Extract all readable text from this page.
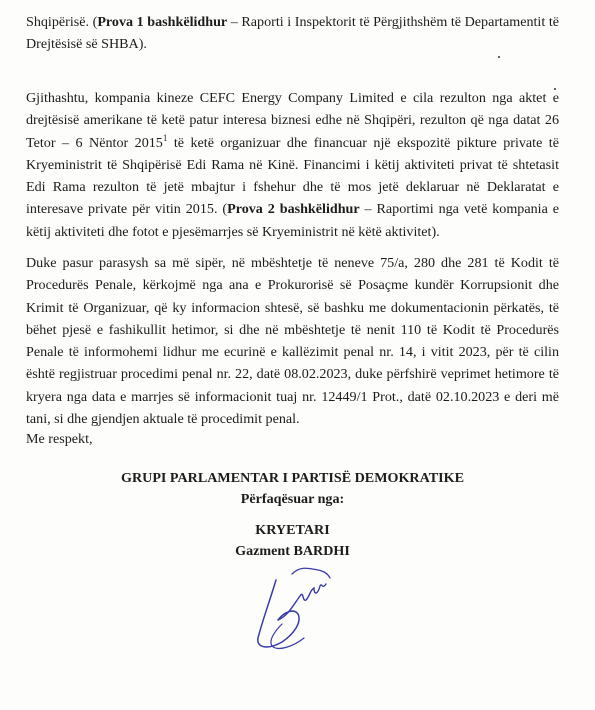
Shqipërisë. (Prova 1 bashkëlidhur – Raporti i Inspektorit të Përgjithshëm të Departamentit të Drejtësisë së SHBA).

Gjithashtu, kompania kineze CEFC Energy Company Limited e cila rezulton nga aktet e drejtësisë amerikane të ketë patur interesa biznesi edhe në Shqipëri, rezulton që nga datat 26 Tetor – 6 Nëntor 2015$^1$ të ketë organizuar dhe financuar një ekspozitë pikture private të Kryeministrit të Shqipërisë Edi Rama në Kinë. Financimi i këtij aktiviteti privat të shtetasit Edi Rama rezulton të jetë mbajtur i fshehur dhe të mos jetë deklaruar në Deklaratat e interesave private për vitin 2015. (Prova 2 bashkëlidhur – Raportimi nga vetë kompania e këtij aktiviteti dhe fotot e pjesëmarrjes së Kryeministrit në këtë aktivitet).

Duke pasur parasysh sa më sipër, në mbështetje të neneve 75/a, 280 dhe 281 të Kodit të Procedurës Penale, kërkojmë nga ana e Prokurorisë së Posaçme kundër Korrupsionit dhe Krimit të Organizuar, që ky informacion shtesë, së bashku me dokumentacionin përkatës, të bëhet pjesë e fashikullit hetimor, si dhe në mbështetje të nenit 110 të Kodit të Procedurës Penale të informohemi lidhur me ecurinë e kallëzimit penal nr. 14, i vitit 2023, për të cilin është regjistruar procedimi penal nr. 22, datë 08.02.2023, duke përfshirë veprimet hetimore të kryera nga data e marrjes së informacionit tuaj nr. 12449/1 Prot., datë 02.10.2023 e deri më tani, si dhe gjendjen aktuale të procedimit penal.

Me respekt,

GRUPI PARLAMENTAR I PARTISË DEMOKRATIKE
Përfaqësuar nga:
KRYETARI
Gazment BARDHI
